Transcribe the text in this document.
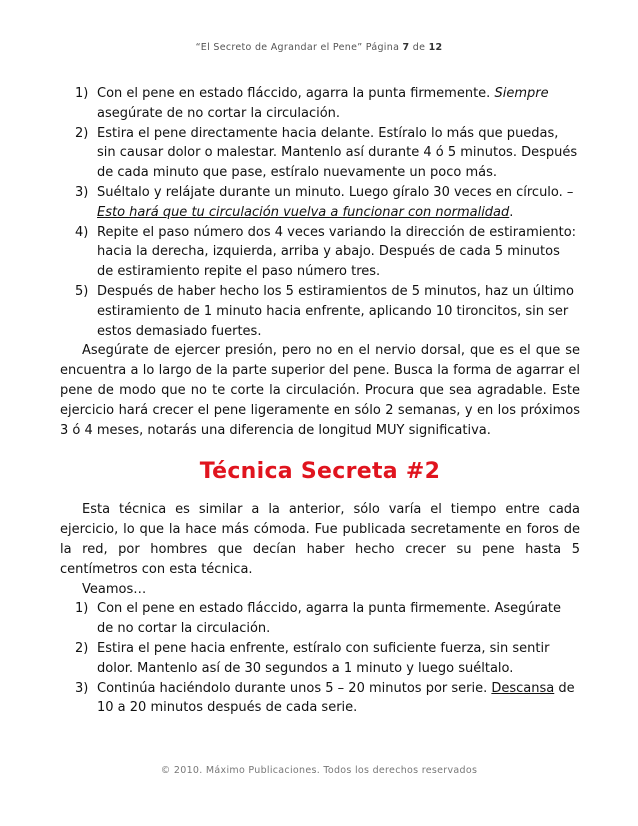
“El Secreto de Agrandar el Pene” Página 7 de 12
1) Con el pene en estado fláccido, agarra la punta firmemente. Siempre asegúrate de no cortar la circulación.
2) Estira el pene directamente hacia delante. Estíralo lo más que puedas, sin causar dolor o malestar. Mantenlo así durante 4 ó 5 minutos. Después de cada minuto que pase, estíralo nuevamente un poco más.
3) Suéltalo y relájate durante un minuto. Luego gíralo 30 veces en círculo. – Esto hará que tu circulación vuelva a funcionar con normalidad.
4) Repite el paso número dos 4 veces variando la dirección de estiramiento: hacia la derecha, izquierda, arriba y abajo. Después de cada 5 minutos de estiramiento repite el paso número tres.
5) Después de haber hecho los 5 estiramientos de 5 minutos, haz un último estiramiento de 1 minuto hacia enfrente, aplicando 10 tironcitos, sin ser estos demasiado fuertes.

Asegúrate de ejercer presión, pero no en el nervio dorsal, que es el que se encuentra a lo largo de la parte superior del pene. Busca la forma de agarrar el pene de modo que no te corte la circulación. Procura que sea agradable. Este ejercicio hará crecer el pene ligeramente en sólo 2 semanas, y en los próximos 3 ó 4 meses, notarás una diferencia de longitud MUY significativa.

Técnica Secreta #2

Esta técnica es similar a la anterior, sólo varía el tiempo entre cada ejercicio, lo que la hace más cómoda. Fue publicada secretamente en foros de la red, por hombres que decían haber hecho crecer su pene hasta 5 centímetros con esta técnica.

Veamos…

1) Con el pene en estado fláccido, agarra la punta firmemente. Asegúrate de no cortar la circulación.
2) Estira el pene hacia enfrente, estíralo con suficiente fuerza, sin sentir dolor. Mantenlo así de 30 segundos a 1 minuto y luego suéltalo.
3) Continúa haciéndolo durante unos 5 – 20 minutos por serie. Descansa de 10 a 20 minutos después de cada serie.
© 2010. Máximo Publicaciones. Todos los derechos reservados
